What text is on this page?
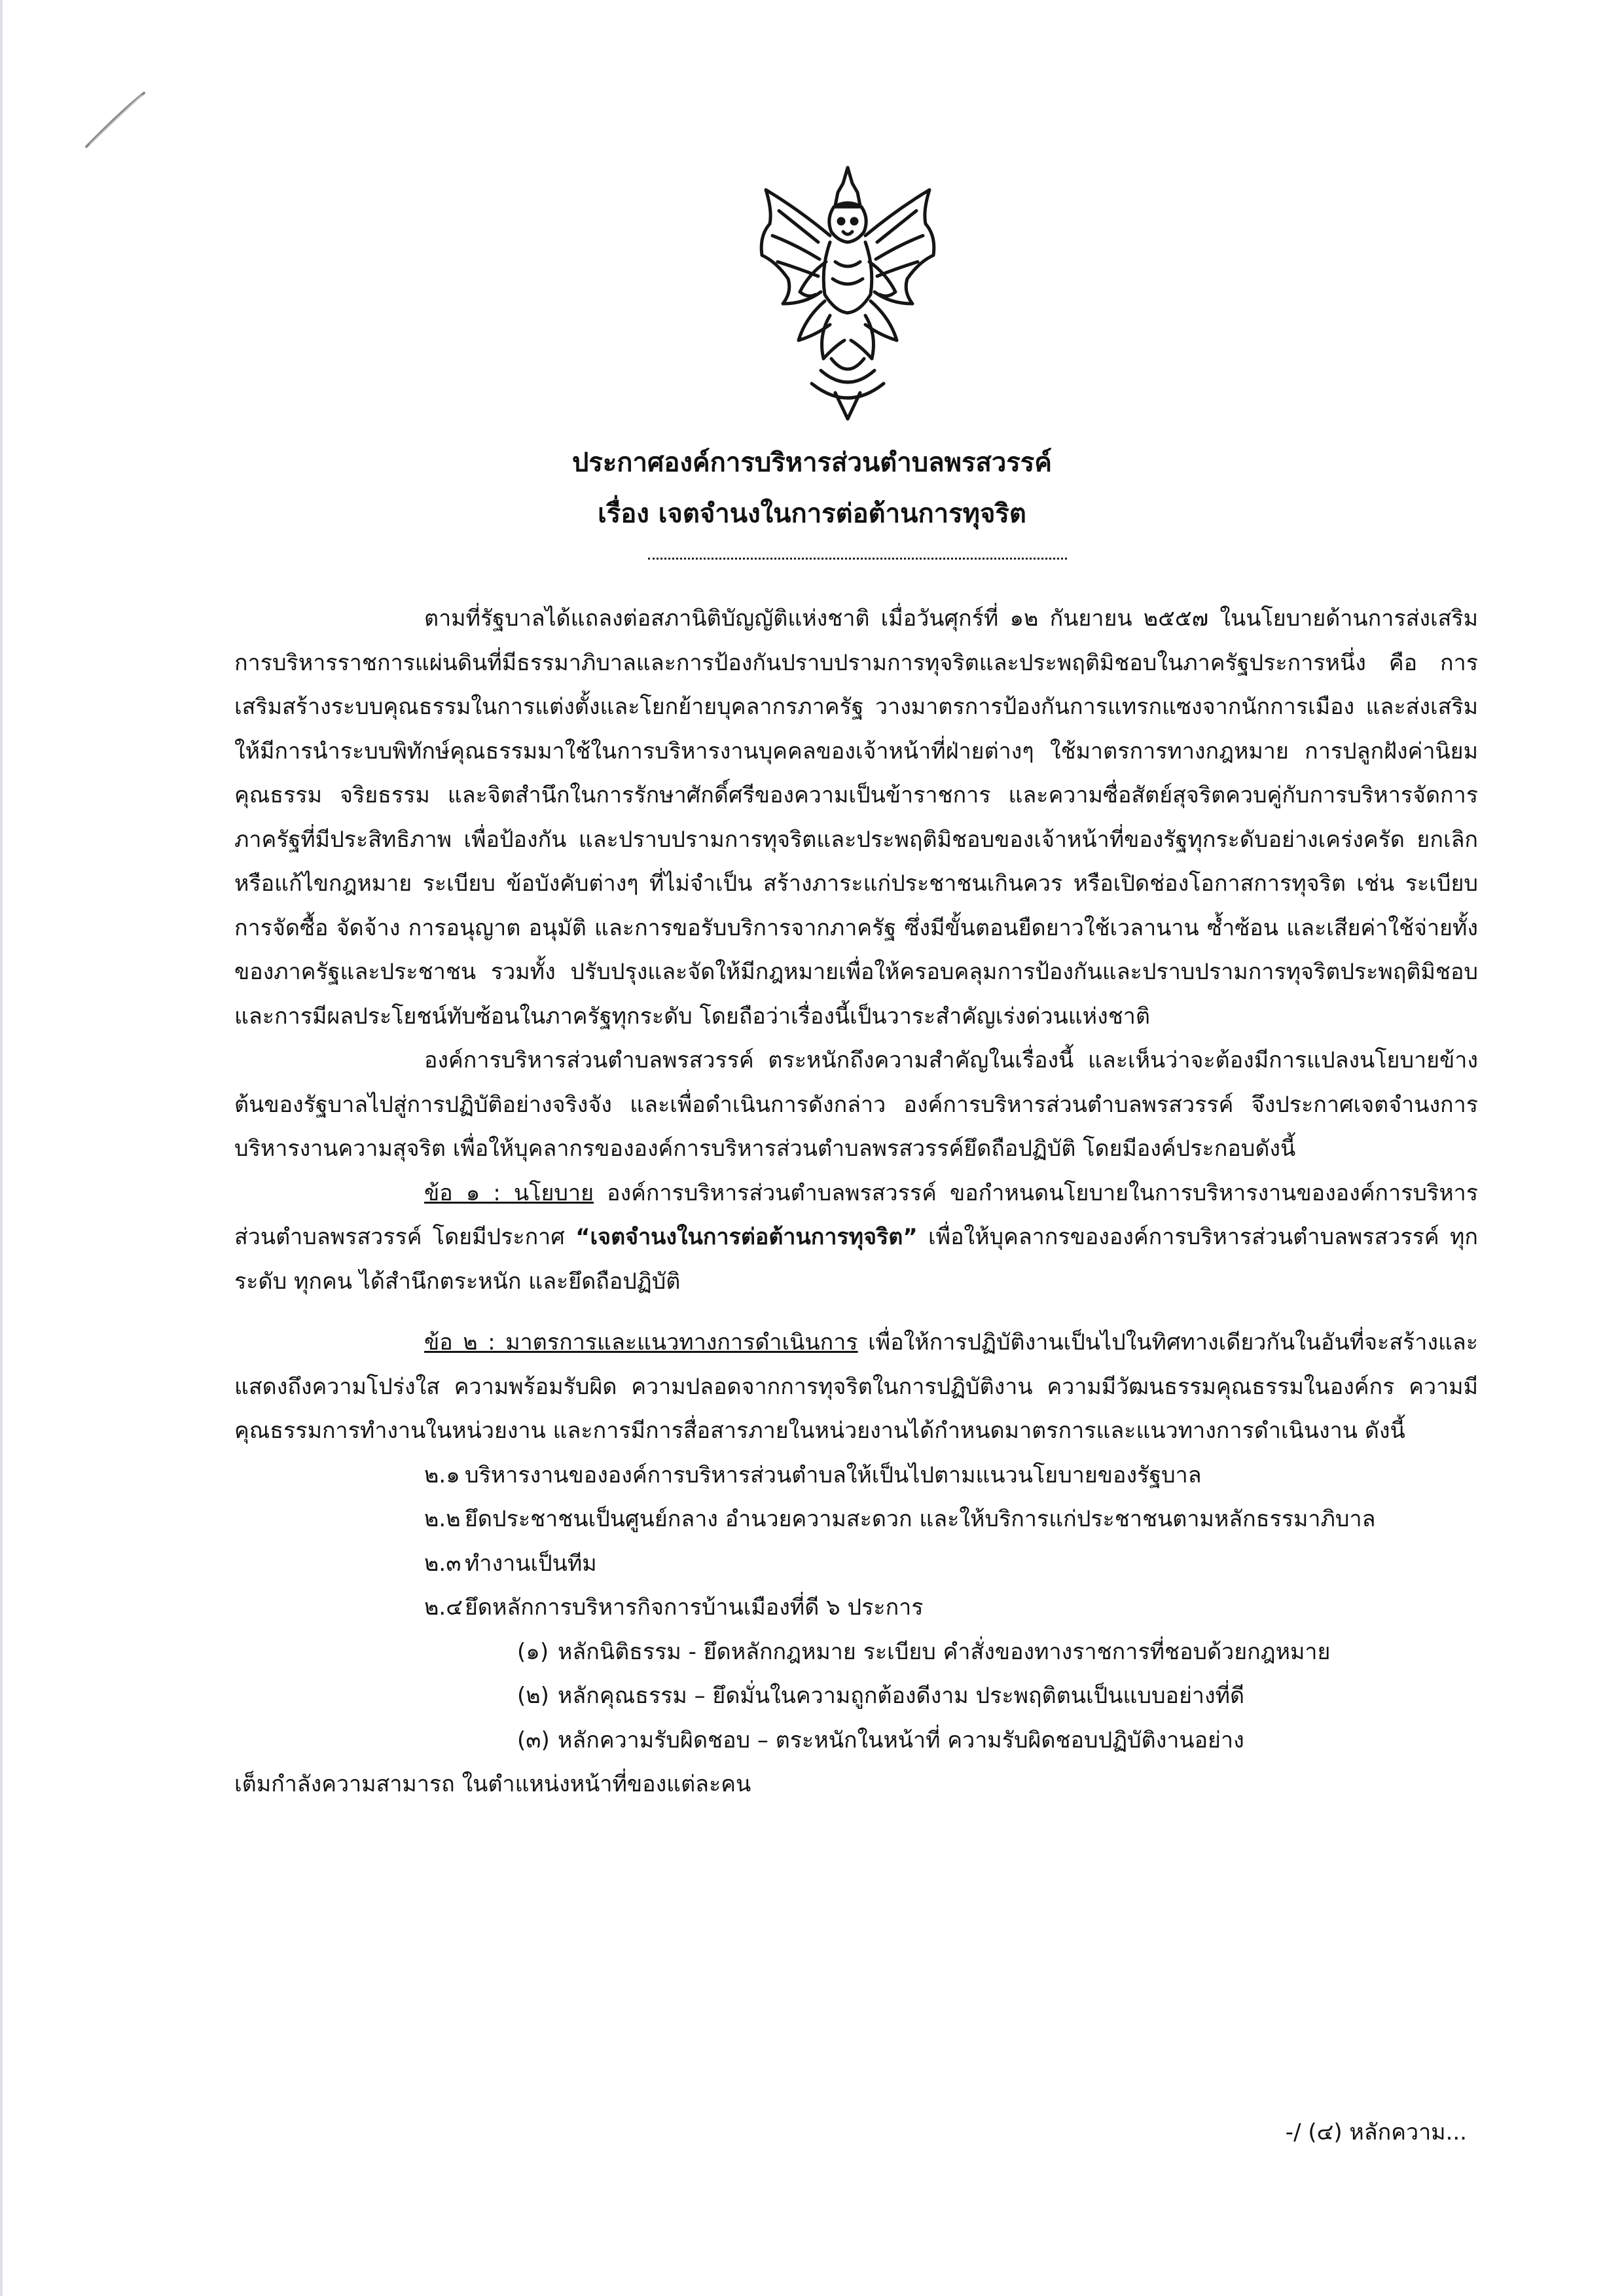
ประกาศองค์การบริหารส่วนตำบลพรสวรรค์
เรื่อง เจตจำนงในการต่อต้านการทุจริต

ตามที่รัฐบาลได้แถลงต่อสภานิติบัญญัติแห่งชาติ เมื่อวันศุกร์ที่ ๑๒ กันยายน ๒๕๕๗ ในนโยบายด้านการส่งเสริมการบริหารราชการแผ่นดินที่มีธรรมาภิบาลและการป้องกันปราบปรามการทุจริตและประพฤติมิชอบในภาครัฐประการหนึ่ง คือ การเสริมสร้างระบบคุณธรรมในการแต่งตั้งและโยกย้ายบุคลากรภาครัฐ วางมาตรการป้องกันการแทรกแซงจากนักการเมือง และส่งเสริมให้มีการนำระบบพิทักษ์คุณธรรมมาใช้ในการบริหารงานบุคคลของเจ้าหน้าที่ฝ่ายต่างๆ ใช้มาตรการทางกฎหมาย การปลูกฝังค่านิยม คุณธรรม จริยธรรม และจิตสำนึกในการรักษาศักดิ์ศรีของความเป็นข้าราชการ และความซื่อสัตย์สุจริตควบคู่กับการบริหารจัดการภาครัฐที่มีประสิทธิภาพ เพื่อป้องกัน และปราบปรามการทุจริตและประพฤติมิชอบของเจ้าหน้าที่ของรัฐทุกระดับอย่างเคร่งครัด ยกเลิกหรือแก้ไขกฎหมาย ระเบียบ ข้อบังคับต่างๆ ที่ไม่จำเป็น สร้างภาระแก่ประชาชนเกินควร หรือเปิดช่องโอกาสการทุจริต เช่น ระเบียบการจัดซื้อ จัดจ้าง การอนุญาต อนุมัติ และการขอรับบริการจากภาครัฐ ซึ่งมีขั้นตอนยืดยาวใช้เวลานาน ซ้ำซ้อน และเสียค่าใช้จ่ายทั้งของภาครัฐและประชาชน รวมทั้ง ปรับปรุงและจัดให้มีกฎหมายเพื่อให้ครอบคลุมการป้องกันและปราบปรามการทุจริตประพฤติมิชอบ และการมีผลประโยชน์ทับซ้อนในภาครัฐทุกระดับ โดยถือว่าเรื่องนี้เป็นวาระสำคัญเร่งด่วนแห่งชาติ

องค์การบริหารส่วนตำบลพรสวรรค์ ตระหนักถึงความสำคัญในเรื่องนี้ และเห็นว่าจะต้องมีการแปลงนโยบายข้างต้นของรัฐบาลไปสู่การปฏิบัติอย่างจริงจัง และเพื่อดำเนินการดังกล่าว องค์การบริหารส่วนตำบลพรสวรรค์ จึงประกาศเจตจำนงการบริหารงานความสุจริต เพื่อให้บุคลากรขององค์การบริหารส่วนตำบลพรสวรรค์ยึดถือปฏิบัติ โดยมีองค์ประกอบดังนี้

ข้อ ๑ : นโยบาย องค์การบริหารส่วนตำบลพรสวรรค์ ขอกำหนดนโยบายในการบริหารงานขององค์การบริหารส่วนตำบลพรสวรรค์ โดยมีประกาศ “เจตจำนงในการต่อต้านการทุจริต” เพื่อให้บุคลากรขององค์การบริหารส่วนตำบลพรสวรรค์ ทุกระดับ ทุกคน ได้สำนึกตระหนัก และยึดถือปฏิบัติ

ข้อ ๒ : มาตรการและแนวทางการดำเนินการ เพื่อให้การปฏิบัติงานเป็นไปในทิศทางเดียวกันในอันที่จะสร้างและแสดงถึงความโปร่งใส ความพร้อมรับผิด ความปลอดจากการทุจริตในการปฏิบัติงาน ความมีวัฒนธรรมคุณธรรมในองค์กร ความมีคุณธรรมการทำงานในหน่วยงาน และการมีการสื่อสารภายในหน่วยงานได้กำหนดมาตรการและแนวทางการดำเนินงาน ดังนี้

๒.๑ บริหารงานขององค์การบริหารส่วนตำบลให้เป็นไปตามแนวนโยบายของรัฐบาล

๒.๒ ยึดประชาชนเป็นศูนย์กลาง อำนวยความสะดวก และให้บริการแก่ประชาชนตามหลักธรรมาภิบาล

๒.๓ ทำงานเป็นทีม

๒.๔ยึดหลักการบริหารกิจการบ้านเมืองที่ดี ๖ ประการ

(๑) หลักนิติธรรม - ยึดหลักกฎหมาย ระเบียบ คำสั่งของทางราชการที่ชอบด้วยกฎหมาย

(๒) หลักคุณธรรม – ยึดมั่นในความถูกต้องดีงาม ประพฤติตนเป็นแบบอย่างที่ดี

(๓) หลักความรับผิดชอบ – ตระหนักในหน้าที่ ความรับผิดชอบปฏิบัติงานอย่าง

เต็มกำลังความสามารถ ในตำแหน่งหน้าที่ของแต่ละคน

-/ (๔) หลักความ...
